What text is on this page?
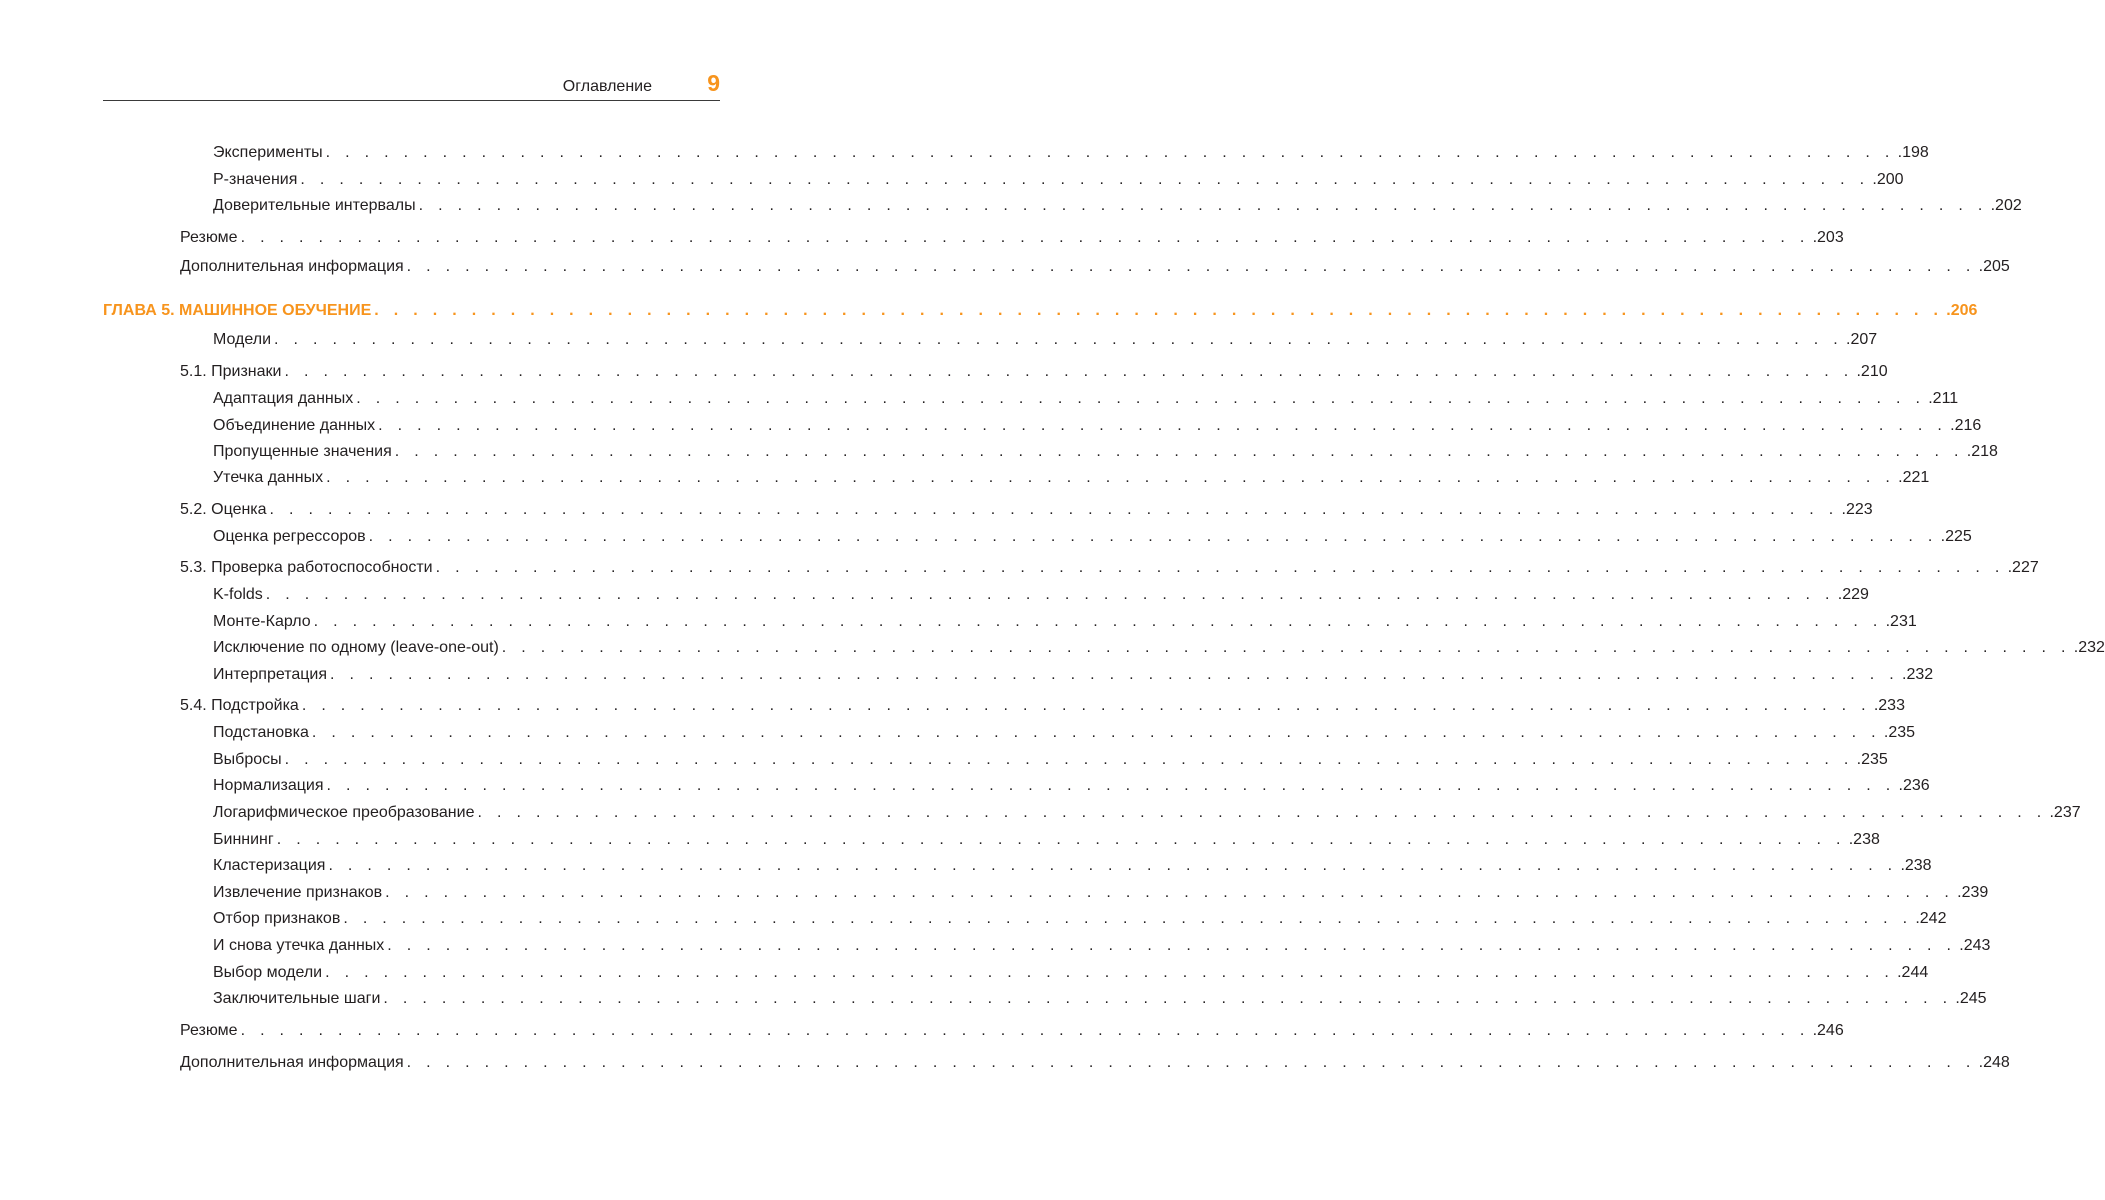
Оглавление 9
Эксперименты . . . . . . . . . . . . . . . . . . . . . . . . . . . . . . . . . . . . . . . . . . . . . . . . . . . . . . . . . . . . . . . . . . . . . . . . . . . . . . . . . .198
P-значения . . . . . . . . . . . . . . . . . . . . . . . . . . . . . . . . . . . . . . . . . . . . . . . . . . . . . . . . . . . . . . . . . . . . . . . . . . . . . . . . . .200
Доверительные интервалы . . . . . . . . . . . . . . . . . . . . . . . . . . . . . . . . . . . . . . . . . . . . . . . . . . . . . . . . . . . . . . . . . . . . . . . . . . . . . . . . . .202
Резюме . . . . . . . . . . . . . . . . . . . . . . . . . . . . . . . . . . . . . . . . . . . . . . . . . . . . . . . . . . . . . . . . . . . . . . . . . . . . . . . . . .203
Дополнительная информация . . . . . . . . . . . . . . . . . . . . . . . . . . . . . . . . . . . . . . . . . . . . . . . . . . . . . . . . . . . . . . . . . . . . . . . . . . . . . . . . . .205
ГЛАВА 5. МАШИННОЕ ОБУЧЕНИЕ . . . . . . . . . . . . . . . . . . . . . . . . . . . . . . . . . . . . . . . . . . . . . . . . . . . . . . . . . . . . . . . . . . . . . . . . . . . . . . . . . .206
Модели . . . . . . . . . . . . . . . . . . . . . . . . . . . . . . . . . . . . . . . . . . . . . . . . . . . . . . . . . . . . . . . . . . . . . . . . . . . . . . . . . .207
5.1. Признаки . . . . . . . . . . . . . . . . . . . . . . . . . . . . . . . . . . . . . . . . . . . . . . . . . . . . . . . . . . . . . . . . . . . . . . . . . . . . . . . . . .210
Адаптация данных . . . . . . . . . . . . . . . . . . . . . . . . . . . . . . . . . . . . . . . . . . . . . . . . . . . . . . . . . . . . . . . . . . . . . . . . . . . . . . . . . .211
Объединение данных . . . . . . . . . . . . . . . . . . . . . . . . . . . . . . . . . . . . . . . . . . . . . . . . . . . . . . . . . . . . . . . . . . . . . . . . . . . . . . . . . .216
Пропущенные значения . . . . . . . . . . . . . . . . . . . . . . . . . . . . . . . . . . . . . . . . . . . . . . . . . . . . . . . . . . . . . . . . . . . . . . . . . . . . . . . . . .218
Утечка данных . . . . . . . . . . . . . . . . . . . . . . . . . . . . . . . . . . . . . . . . . . . . . . . . . . . . . . . . . . . . . . . . . . . . . . . . . . . . . . . . . .221
5.2. Оценка . . . . . . . . . . . . . . . . . . . . . . . . . . . . . . . . . . . . . . . . . . . . . . . . . . . . . . . . . . . . . . . . . . . . . . . . . . . . . . . . . .223
Оценка регрессоров . . . . . . . . . . . . . . . . . . . . . . . . . . . . . . . . . . . . . . . . . . . . . . . . . . . . . . . . . . . . . . . . . . . . . . . . . . . . . . . . . .225
5.3. Проверка работоспособности . . . . . . . . . . . . . . . . . . . . . . . . . . . . . . . . . . . . . . . . . . . . . . . . . . . . . . . . . . . . . . . . . . . . . . . . . . . . . . . . . .227
K-folds . . . . . . . . . . . . . . . . . . . . . . . . . . . . . . . . . . . . . . . . . . . . . . . . . . . . . . . . . . . . . . . . . . . . . . . . . . . . . . . . . .229
Монте-Карло . . . . . . . . . . . . . . . . . . . . . . . . . . . . . . . . . . . . . . . . . . . . . . . . . . . . . . . . . . . . . . . . . . . . . . . . . . . . . . . . . .231
Исключение по одному (leave-one-out) . . . . . . . . . . . . . . . . . . . . . . . . . . . . . . . . . . . . . . . . . . . . . . . . . . . . . . . . . . . . . . . . . . . . . . . . . . . . . . . . . .232
Интерпретация . . . . . . . . . . . . . . . . . . . . . . . . . . . . . . . . . . . . . . . . . . . . . . . . . . . . . . . . . . . . . . . . . . . . . . . . . . . . . . . . . .232
5.4. Подстройка . . . . . . . . . . . . . . . . . . . . . . . . . . . . . . . . . . . . . . . . . . . . . . . . . . . . . . . . . . . . . . . . . . . . . . . . . . . . . . . . . .233
Подстановка . . . . . . . . . . . . . . . . . . . . . . . . . . . . . . . . . . . . . . . . . . . . . . . . . . . . . . . . . . . . . . . . . . . . . . . . . . . . . . . . . .235
Выбросы . . . . . . . . . . . . . . . . . . . . . . . . . . . . . . . . . . . . . . . . . . . . . . . . . . . . . . . . . . . . . . . . . . . . . . . . . . . . . . . . . .235
Нормализация . . . . . . . . . . . . . . . . . . . . . . . . . . . . . . . . . . . . . . . . . . . . . . . . . . . . . . . . . . . . . . . . . . . . . . . . . . . . . . . . . .236
Логарифмическое преобразование . . . . . . . . . . . . . . . . . . . . . . . . . . . . . . . . . . . . . . . . . . . . . . . . . . . . . . . . . . . . . . . . . . . . . . . . . . . . . . . . . .237
Биннинг . . . . . . . . . . . . . . . . . . . . . . . . . . . . . . . . . . . . . . . . . . . . . . . . . . . . . . . . . . . . . . . . . . . . . . . . . . . . . . . . . .238
Кластеризация . . . . . . . . . . . . . . . . . . . . . . . . . . . . . . . . . . . . . . . . . . . . . . . . . . . . . . . . . . . . . . . . . . . . . . . . . . . . . . . . . .238
Извлечение признаков . . . . . . . . . . . . . . . . . . . . . . . . . . . . . . . . . . . . . . . . . . . . . . . . . . . . . . . . . . . . . . . . . . . . . . . . . . . . . . . . . .239
Отбор признаков . . . . . . . . . . . . . . . . . . . . . . . . . . . . . . . . . . . . . . . . . . . . . . . . . . . . . . . . . . . . . . . . . . . . . . . . . . . . . . . . . .242
И снова утечка данных . . . . . . . . . . . . . . . . . . . . . . . . . . . . . . . . . . . . . . . . . . . . . . . . . . . . . . . . . . . . . . . . . . . . . . . . . . . . . . . . . .243
Выбор модели . . . . . . . . . . . . . . . . . . . . . . . . . . . . . . . . . . . . . . . . . . . . . . . . . . . . . . . . . . . . . . . . . . . . . . . . . . . . . . . . . .244
Заключительные шаги . . . . . . . . . . . . . . . . . . . . . . . . . . . . . . . . . . . . . . . . . . . . . . . . . . . . . . . . . . . . . . . . . . . . . . . . . . . . . . . . . .245
Резюме . . . . . . . . . . . . . . . . . . . . . . . . . . . . . . . . . . . . . . . . . . . . . . . . . . . . . . . . . . . . . . . . . . . . . . . . . . . . . . . . . .246
Дополнительная информация . . . . . . . . . . . . . . . . . . . . . . . . . . . . . . . . . . . . . . . . . . . . . . . . . . . . . . . . . . . . . . . . . . . . . . . . . . . . . . . . . .248
